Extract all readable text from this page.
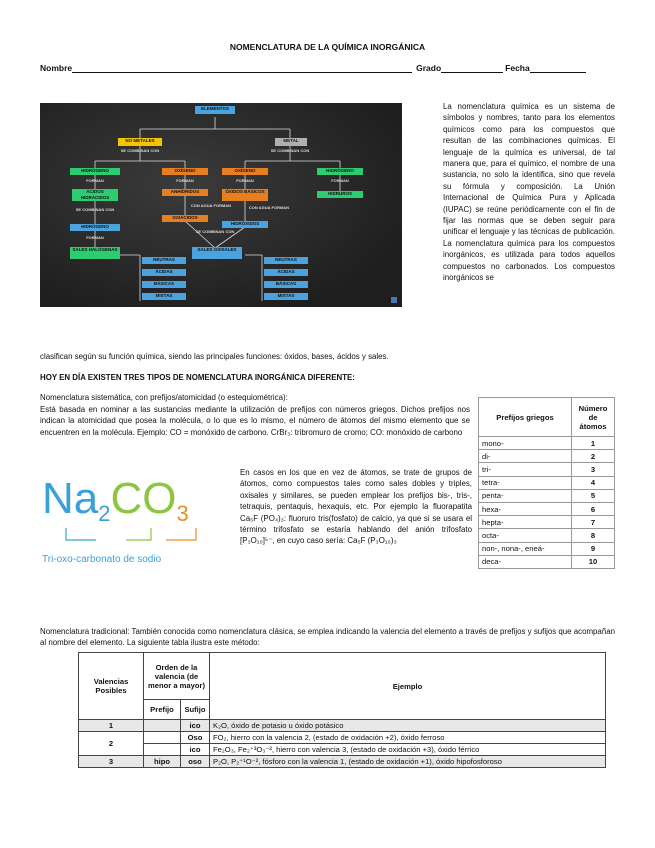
NOMENCLATURA DE LA QUÍMICA INORGÁNICA
Nombre	Grado	Fecha
ELEMENTOS
NO METALES	METAL
SE COMBINAN CON	SE COMBINAN CON
HIDRÓGENO	OXÍGENO	OXÍGENO	HIDRÓGENO
FORMAN	FORMAN	FORMAN	FORMAN
ÁCIDOS HIDRÁCIDOS
ANHÍDRIDOS	ÓXIDOS BÁSICOS	HIDRUROS
SE COMBINAN CON
CON AGUA FORMAN	CON AGUA FORMAN
OXIÁCIDOS
HIDRÓXIDOS
HIDRÓGENO
FORMAN
SE COMBINAN CON
SALES HALÓGENAS	SALES OXISALES
NEUTRAS
ÁCIDAS
BÁSICAS
MIXTAS
NEUTRAS
ÁCIDAS
BÁSICAS
MIXTAS
La nomenclatura química es un sistema de símbolos y nombres, tanto para los elementos químicos como para los compuestos que resultan de las combinaciones químicas. El lenguaje de la química es universal, de tal manera que, para el químico, el nombre de una sustancia, no solo la identifica, sino que revela su fórmula y composición. La Unión Internacional de Química Pura y Aplicada (IUPAC) se reúne periódicamente con el fin de fijar las normas que se deben seguir para unificar el lenguaje y las técnicas de publicación. La nomenclatura química para los compuestos inorgánicos, es utilizada para todos aquellos compuestos no carbonados. Los compuestos inorgánicos se
clasifican según su función química, siendo las principales funciones: óxidos, bases, ácidos y sales.
HOY EN DÍA EXISTEN TRES TIPOS DE NOMENCLATURA INORGÁNICA DIFERENTE:
Nomenclatura sistemática, con prefijos/atomicidad (o estequiométrica):
Está basada en nominar a las sustancias mediante la utilización de prefijos con números griegos. Dichos prefijos nos indican la atomicidad que posea la molécula, o lo que es lo mismo, el número de átomos del mismo elemento que se encuentren en la molécula. Ejemplo: CO = monóxido de carbono. CrBr₃: tribromuro de cromo; CO: monóxido de carbono
Na2CO3
Tri-oxo-carbonato de sodio
En casos en los que en vez de átomos, se trate de grupos de átomos, como compuestos tales como sales dobles y triples, oxisales y similares, se pueden emplear los prefijos bis-, tris-, tetraquis, pentaquis, hexaquis, etc. Por ejemplo la fluorapatita Ca₅F (PO₄)₃: fluoruro tris(fosfato) de calcio, ya que si se usara el término trifosfato se estaría hablando del anión trifosfato [P₃O₁₀]⁵⁻, en cuyo caso sería: Ca₅F (P₃O₁₀)₃
Prefijos griegos	Número de átomos
mono-	1
di-	2
tri-	3
tetra-	4
penta-	5
hexa-	6
hepta-	7
octa-	8
non-, nona-, eneá-	9
deca-	10
Nomenclatura tradicional: También conocida como nomenclatura clásica, se emplea indicando la valencia del elemento a través de prefijos y sufijos que acompañan al nombre del elemento. La siguiente tabla ilustra este método:
Valencias Posibles	Orden de la valencia (de menor a mayor)		Ejemplo
	Prefijo	Sufijo	
1		ico	K₂O, óxido de potasio u óxido potásico
2		Oso	FO₂, hierro con la valencia 2, (estado de oxidación +2), óxido ferroso
		ico	Fe₂O₃, Fe₂⁺³O₃⁻², hierro con valencia 3, (estado de oxidación +3), óxido férrico
3	hipo	oso	P₂O, P₂⁺¹O⁻², fósforo con la valencia 1, (estado de oxidación +1), óxido hipofosforoso
